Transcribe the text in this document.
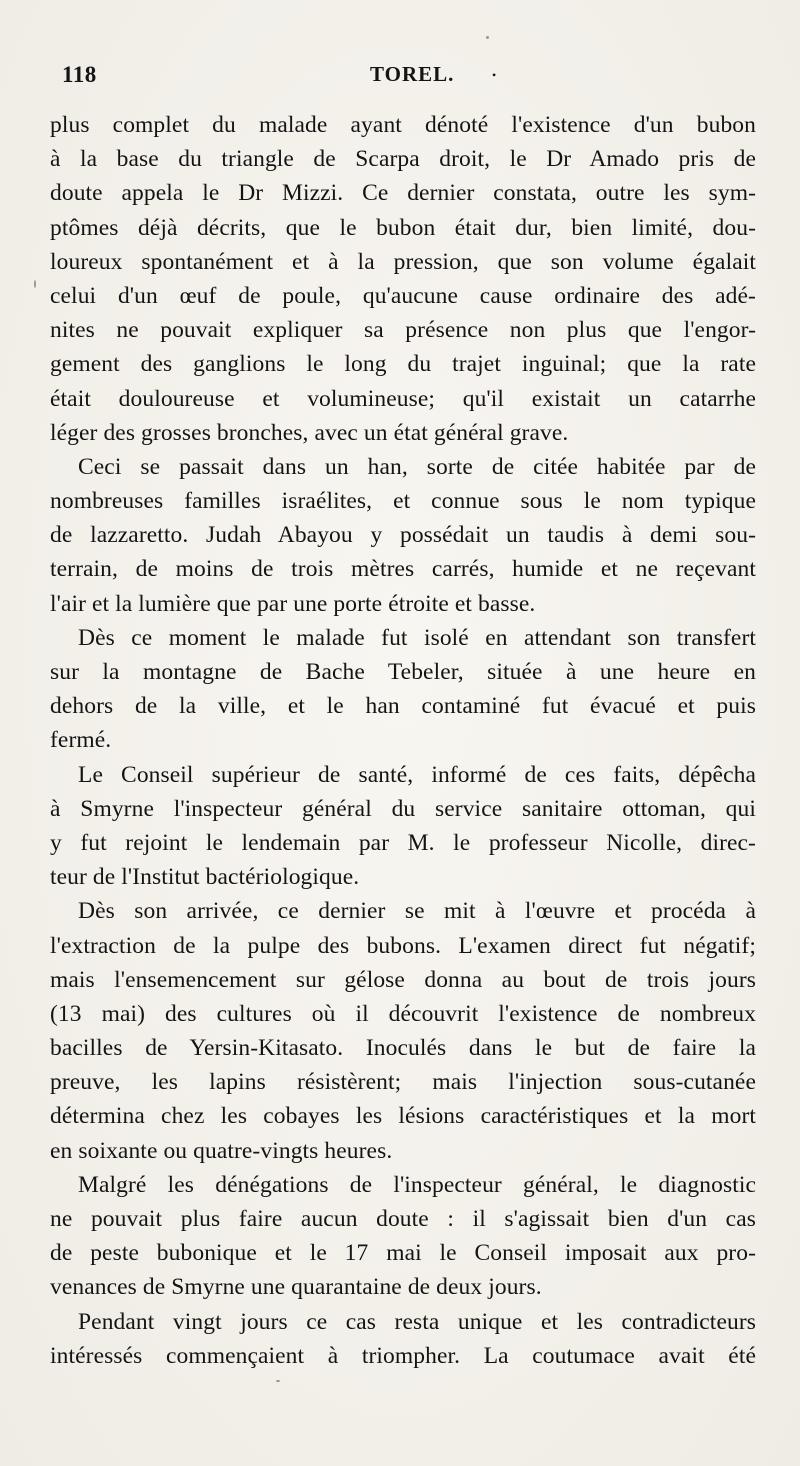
118	TOREL.	•
plus complet du malade ayant dénoté l'existence d'un bubon
à la base du triangle de Scarpa droit, le Dr Amado pris de
doute appela le Dr Mizzi. Ce dernier constata, outre les sym-
ptômes déjà décrits, que le bubon était dur, bien limité, dou-
loureux spontanément et à la pression, que son volume égalait
celui d'un œuf de poule, qu'aucune cause ordinaire des adé-
nites ne pouvait expliquer sa présence non plus que l'engor-
gement des ganglions le long du trajet inguinal; que la rate
était douloureuse et volumineuse; qu'il existait un catarrhe
léger des grosses bronches, avec un état général grave.
Ceci se passait dans un han, sorte de citée habitée par de
nombreuses familles israélites, et connue sous le nom typique
de lazzaretto. Judah Abayou y possédait un taudis à demi sou-
terrain, de moins de trois mètres carrés, humide et ne reçevant
l'air et la lumière que par une porte étroite et basse.
Dès ce moment le malade fut isolé en attendant son transfert
sur la montagne de Bache Tebeler, située à une heure en
dehors de la ville, et le han contaminé fut évacué et puis
fermé.
Le Conseil supérieur de santé, informé de ces faits, dépêcha
à Smyrne l'inspecteur général du service sanitaire ottoman, qui
y fut rejoint le lendemain par M. le professeur Nicolle, direc-
teur de l'Institut bactériologique.
Dès son arrivée, ce dernier se mit à l'œuvre et procéda à
l'extraction de la pulpe des bubons. L'examen direct fut négatif;
mais l'ensemencement sur gélose donna au bout de trois jours
(13 mai) des cultures où il découvrit l'existence de nombreux
bacilles de Yersin-Kitasato. Inoculés dans le but de faire la
preuve, les lapins résistèrent; mais l'injection sous-cutanée
détermina chez les cobayes les lésions caractéristiques et la mort
en soixante ou quatre-vingts heures.
Malgré les dénégations de l'inspecteur général, le diagnostic
ne pouvait plus faire aucun doute : il s'agissait bien d'un cas
de peste bubonique et le 17 mai le Conseil imposait aux pro-
venances de Smyrne une quarantaine de deux jours.
Pendant vingt jours ce cas resta unique et les contradicteurs
intéressés commençaient à triompher. La coutumace avait été
